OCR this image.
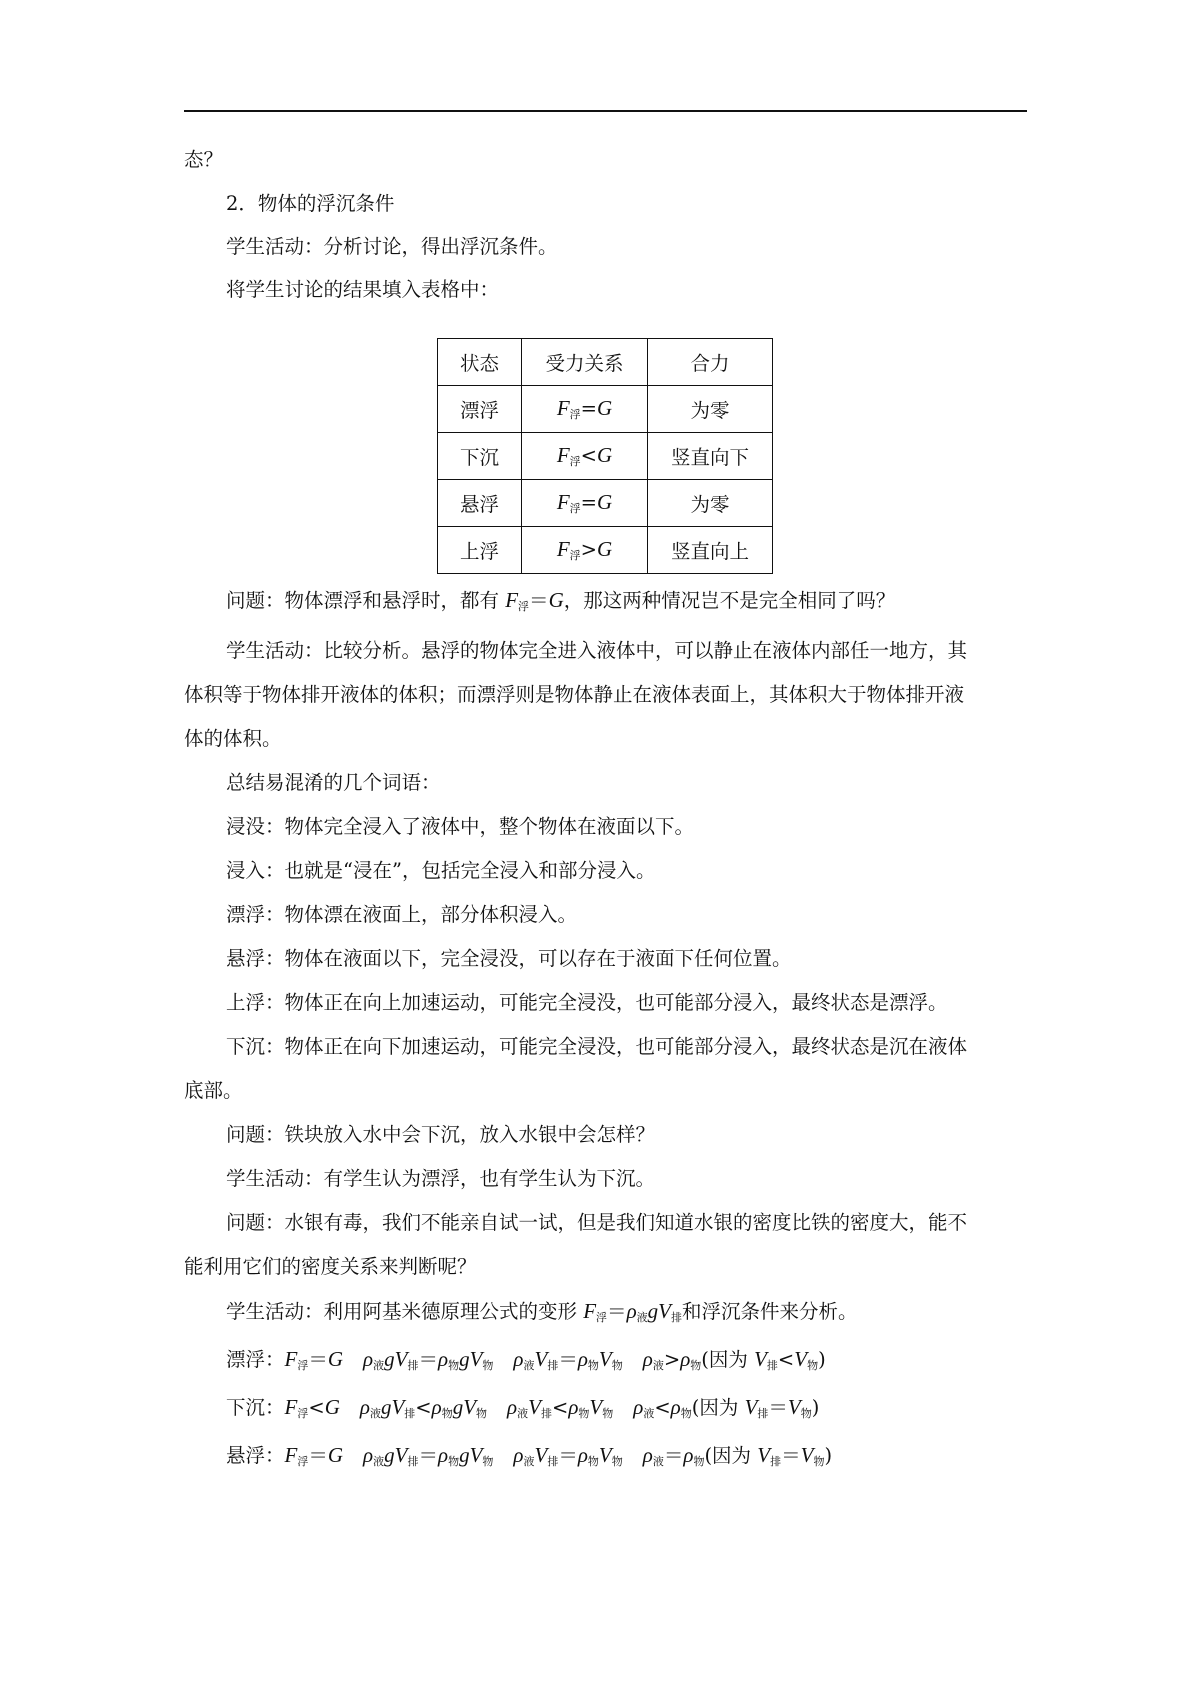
态？
2．物体的浮沉条件
学生活动：分析讨论，得出浮沉条件。
将学生讨论的结果填入表格中：
状态	受力关系	合力
漂浮	$F_浮=G$	为零
下沉	$F_浮<G$	竖直向下
悬浮	$F_浮=G$	为零
上浮	$F_浮>G$	竖直向上
问题：物体漂浮和悬浮时，都有 $F_浮=G$，那这两种情况岂不是完全相同了吗？
学生活动：比较分析。悬浮的物体完全进入液体中，可以静止在液体内部任一地方，其
体积等于物体排开液体的体积；而漂浮则是物体静止在液体表面上，其体积大于物体排开液
体的体积。
总结易混淆的几个词语：
浸没：物体完全浸入了液体中，整个物体在液面以下。
浸入：也就是“浸在”，包括完全浸入和部分浸入。
漂浮：物体漂在液面上，部分体积浸入。
悬浮：物体在液面以下，完全浸没，可以存在于液面下任何位置。
上浮：物体正在向上加速运动，可能完全浸没，也可能部分浸入，最终状态是漂浮。
下沉：物体正在向下加速运动，可能完全浸没，也可能部分浸入，最终状态是沉在液体
底部。
问题：铁块放入水中会下沉，放入水银中会怎样？
学生活动：有学生认为漂浮，也有学生认为下沉。
问题：水银有毒，我们不能亲自试一试，但是我们知道水银的密度比铁的密度大，能不
能利用它们的密度关系来判断呢？
学生活动：利用阿基米德原理公式的变形 $F_浮=\rho_液gV_排$和浮沉条件来分析。
漂浮：$F_浮=G$ $\rho_液gV_排=\rho_物gV_物$ $\rho_液V_排=\rho_物V_物$ $\rho_液>\rho_物$(因为 $V_排<V_物$)
下沉：$F_浮<G$ $\rho_液gV_排<\rho_物gV_物$ $\rho_液V_排<\rho_物V_物$ $\rho_液<\rho_物$(因为 $V_排=V_物$)
悬浮：$F_浮=G$ $\rho_液gV_排=\rho_物gV_物$ $\rho_液V_排=\rho_物V_物$ $\rho_液=\rho_物$(因为 $V_排=V_物$)
